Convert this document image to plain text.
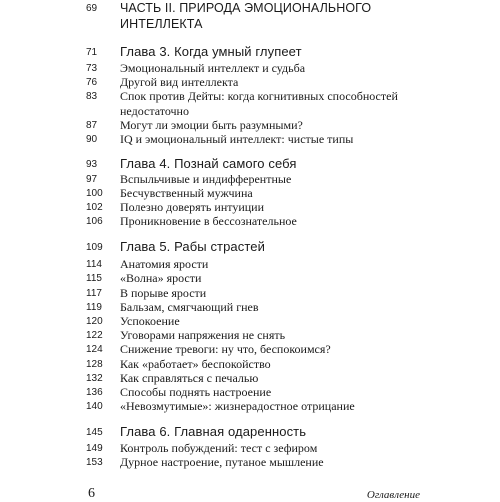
69 ЧАСТЬ II. ПРИРОДА ЭМОЦИОНАЛЬНОГО
ИНТЕЛЛЕКТА
71 Глава 3. Когда умный глупеет
73 Эмоциональный интеллект и судьба
76 Другой вид интеллекта
83 Спок против Дейты: когда когнитивных способностей
недостаточно
87 Могут ли эмоции быть разумными?
90 IQ и эмоциональный интеллект: чистые типы
93 Глава 4. Познай самого себя
97 Вспыльчивые и индифферентные
100 Бесчувственный мужчина
102 Полезно доверять интуиции
106 Проникновение в бессознательное
109 Глава 5. Рабы страстей
114 Анатомия ярости
115 «Волна» ярости
117 В порыве ярости
119 Бальзам, смягчающий гнев
120 Успокоение
122 Уговорами напряжения не снять
124 Снижение тревоги: ну что, беспокоимся?
128 Как «работает» беспокойство
132 Как справляться с печалью
136 Способы поднять настроение
140 «Невозмутимые»: жизнерадостное отрицание
145 Глава 6. Главная одаренность
149 Контроль побуждений: тест с зефиром
153 Дурное настроение, путаное мышление
6	Оглавление
